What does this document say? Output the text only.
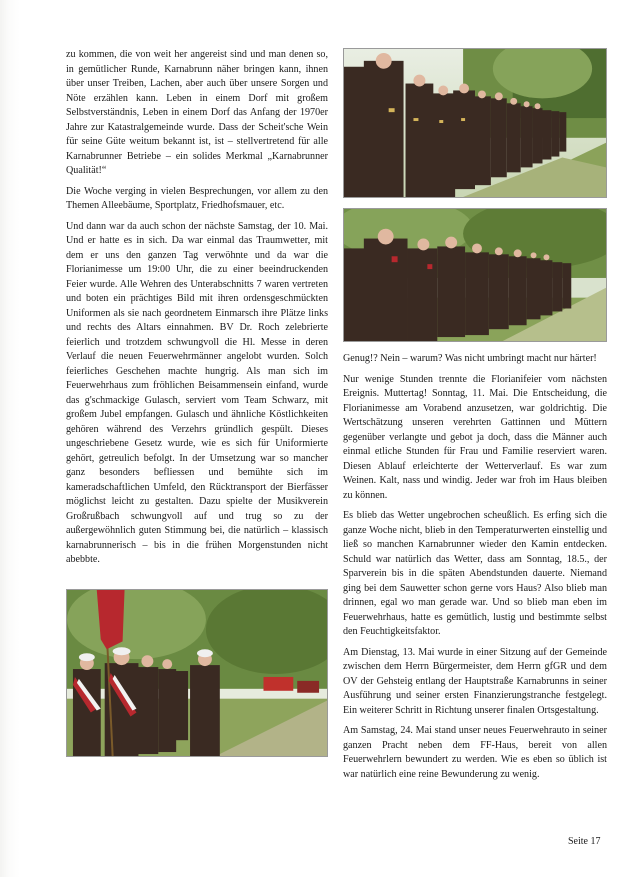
zu kommen, die von weit her angereist sind und man denen so, in gemütlicher Runde, Karnabrunn näher bringen kann, ihnen über unser Treiben, Lachen, aber auch über unsere Sorgen und Nöte erzählen kann. Leben in einem Dorf mit großem Selbstverständnis, Leben in einem Dorf das Anfang der 1970er Jahre zur Katastralgemeinde wurde. Dass der Scheit'sche Wein für seine Güte weitum bekannt ist, ist – stellvertretend für alle Karnabrunner Betriebe – ein solides Merkmal „Karnabrunner Qualität!“

Die Woche verging in vielen Besprechungen, vor allem zu den Themen Alleebäume, Sportplatz, Friedhofsmauer, etc.

Und dann war da auch schon der nächste Samstag, der 10. Mai. Und er hatte es in sich. Da war einmal das Traumwetter, mit dem er uns den ganzen Tag verwöhnte und da war die Florianimesse um 19:00 Uhr, die zu einer beeindruckenden Feier wurde. Alle Wehren des Unterabschnitts 7 waren vertreten und boten ein prächtiges Bild mit ihren ordensgeschmückten Uniformen als sie nach geordnetem Einmarsch ihre Plätze links und rechts des Altars einnahmen. BV Dr. Roch zelebrierte feierlich und trotzdem schwungvoll die Hl. Messe in deren Verlauf die neuen Feuerwehrmänner angelobt wurden. Solch feierliches Geschehen machte hungrig. Als man sich im Feuerwehrhaus zum fröhlichen Beisammensein einfand, wurde das g'schmackige Gulasch, serviert vom Team Schwarz, mit großem Jubel empfangen. Gulasch und ähnliche Köstlichkeiten gehören während des Verzehrs gründlich gespült. Dieses ungeschriebene Gesetz wurde, wie es sich für Uniformierte gehört, getreulich befolgt. In der Umsetzung war so mancher ganz besonders befliessen und bemühte sich im kameradschaftlichen Umfeld, den Rücktransport der Bierfässer möglichst leicht zu gestalten. Dazu spielte der Musikverein Großrußbach schwungvoll auf und trug so zu der außergewöhnlich guten Stimmung bei, die natürlich – klassisch karnabrunnerisch – bis in die frühen Morgenstunden nicht abebbte.

Genug!? Nein – warum? Was nicht umbringt macht nur härter!

Nur wenige Stunden trennte die Florianifeier vom nächsten Ereignis. Muttertag! Sonntag, 11. Mai. Die Entscheidung, die Florianimesse am Vorabend anzusetzen, war goldrichtig. Die Wertschätzung unseren verehrten Gattinnen und Müttern gegenüber verlangte und gebot ja doch, dass die Männer auch einmal etliche Stunden für Frau und Familie reserviert waren. Diesen Ablauf erleichterte der Wetterverlauf. Es war zum Weinen. Kalt, nass und windig. Jeder war froh im Haus bleiben zu können.

Es blieb das Wetter ungebrochen scheußlich. Es erfing sich die ganze Woche nicht, blieb in den Temperaturwerten einstellig und ließ so manchen Karnabrunner wieder den Kamin entdecken. Schuld war natürlich das Wetter, dass am Sonntag, 18.5., der Sparverein bis in die späten Abendstunden dauerte. Niemand ging bei dem Sauwetter schon gerne vors Haus? Also blieb man drinnen, egal wo man gerade war. Und so blieb man eben im Feuerwehrhaus, hatte es gemütlich, lustig und bestimmte selbst den Feuchtigkeitsfaktor.

Am Dienstag, 13. Mai wurde in einer Sitzung auf der Gemeinde zwischen dem Herrn Bürgermeister, dem Herrn gfGR und dem OV der Gehsteig entlang der Hauptstraße Karnabrunns in seiner Ausführung und seiner ersten Finanzierungstranche festgelegt. Ein weiterer Schritt in Richtung unserer finalen Ortsgestaltung.

Am Samstag, 24. Mai stand unser neues Feuerwehrauto in seiner ganzen Pracht neben dem FF-Haus, bereit von allen Feuerwehrlern bewundert zu werden. Wie es eben so üblich ist war natürlich eine reine Bewunderung zu wenig.

Seite 17
